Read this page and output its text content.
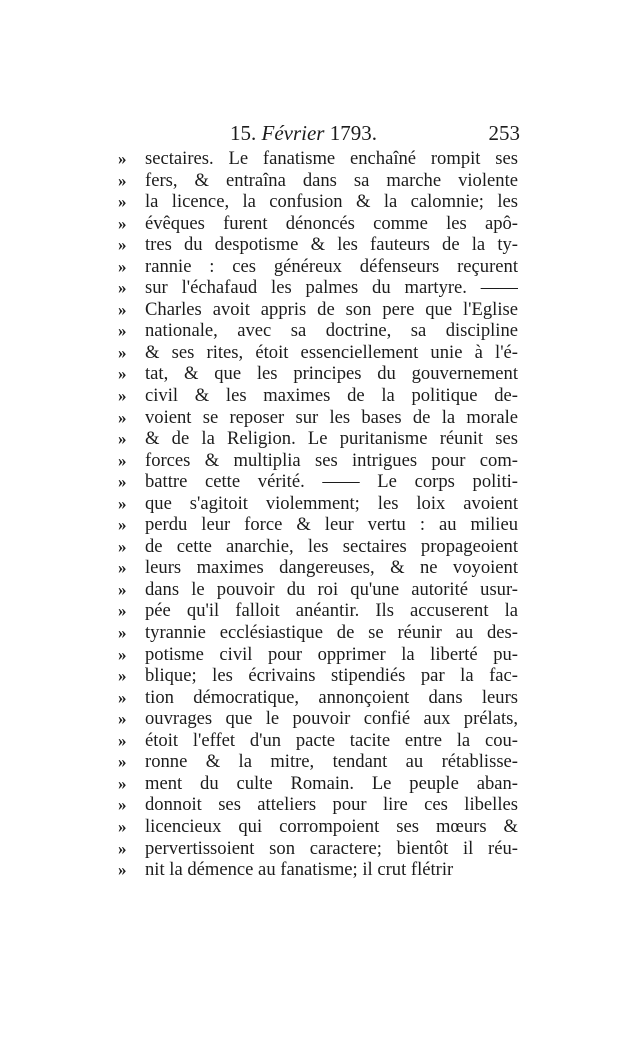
15. Février 1793.	253
» sectaires. Le fanatisme enchaîné rompit ses
» fers, & entraîna dans sa marche violente
» la licence, la confusion & la calomnie; les
» évêques furent dénoncés comme les apô-
» tres du despotisme & les fauteurs de la ty-
» rannie : ces généreux défenseurs reçurent
» sur l'échafaud les palmes du martyre. ——
» Charles avoit appris de son pere que l'Eglise
» nationale, avec sa doctrine, sa discipline
» & ses rites, étoit essenciellement unie à l'é-
» tat, & que les principes du gouvernement
» civil & les maximes de la politique de-
» voient se reposer sur les bases de la morale
» & de la Religion. Le puritanisme réunit ses
» forces & multiplia ses intrigues pour com-
» battre cette vérité. —— Le corps politi-
» que s'agitoit violemment; les loix avoient
» perdu leur force & leur vertu : au milieu
» de cette anarchie, les sectaires propageoient
» leurs maximes dangereuses, & ne voyoient
» dans le pouvoir du roi qu'une autorité usur-
» pée qu'il falloit anéantir. Ils accuserent la
» tyrannie ecclésiastique de se réunir au des-
» potisme civil pour opprimer la liberté pu-
» blique; les écrivains stipendiés par la fac-
» tion démocratique, annonçoient dans leurs
» ouvrages que le pouvoir confié aux prélats,
» étoit l'effet d'un pacte tacite entre la cou-
» ronne & la mitre, tendant au rétablisse-
» ment du culte Romain. Le peuple aban-
» donnoit ses atteliers pour lire ces libelles
» licencieux qui corrompoient ses mœurs &
» pervertissoient son caractere; bientôt il réu-
» nit la démence au fanatisme; il crut flétrir
